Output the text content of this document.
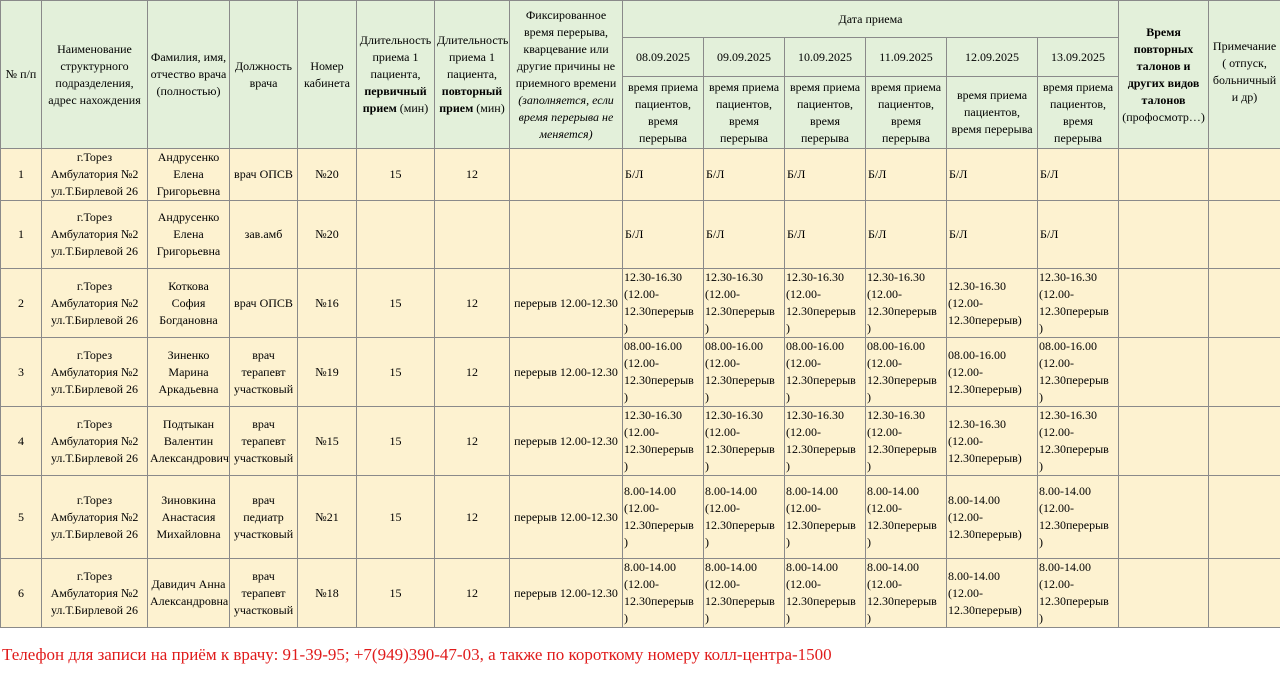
№ п/п	Наименование структурного подразделения, адрес нахождения	Фамилия, имя, отчество врача (полностью)	Должность врача	Номер кабинета	Длительность приема 1 пациента, первичный прием (мин)	Длительность приема 1 пациента, повторный прием (мин)	Фиксированное время перерыва, кварцевание или другие причины не приемного времени (заполняется, если время перерыва не меняется)	Дата приема						Время повторных талонов и других видов талонов (профосмотр…)	Примечание ( отпуск, больничный и др)
								08.09.2025	09.09.2025	10.09.2025	11.09.2025	12.09.2025	13.09.2025		
								время приема пациентов, время перерыва	время приема пациентов, время перерыва	время приема пациентов, время перерыва	время приема пациентов, время перерыва	время приема пациентов, время перерыва	время приема пациентов, время перерыва		
1	г.Торез Амбулатория №2 ул.Т.Бирлевой 26	Андрусенко Елена Григорьевна	врач ОПСВ	№20	15	12		Б/Л	Б/Л	Б/Л	Б/Л	Б/Л	Б/Л		
1	г.Торез Амбулатория №2 ул.Т.Бирлевой 26	Андрусенко Елена Григорьевна	зав.амб	№20				Б/Л	Б/Л	Б/Л	Б/Л	Б/Л	Б/Л		
2	г.Торез Амбулатория №2 ул.Т.Бирлевой 26	Коткова София Богдановна	врач ОПСВ	№16	15	12	перерыв 12.00-12.30	12.30-16.30
(12.00-
12.30перерыв
)	12.30-16.30
(12.00-
12.30перерыв
)	12.30-16.30
(12.00-
12.30перерыв
)	12.30-16.30
(12.00-
12.30перерыв
)	12.30-16.30
(12.00-
12.30перерыв)	12.30-16.30
(12.00-
12.30перерыв
)		
3	г.Торез Амбулатория №2 ул.Т.Бирлевой 26	Зиненко Марина Аркадьевна	врач терапевт участковый	№19	15	12	перерыв 12.00-12.30	08.00-16.00
(12.00-
12.30перерыв
)	08.00-16.00
(12.00-
12.30перерыв
)	08.00-16.00
(12.00-
12.30перерыв
)	08.00-16.00
(12.00-
12.30перерыв
)	08.00-16.00
(12.00-
12.30перерыв)	08.00-16.00
(12.00-
12.30перерыв
)		
4	г.Торез Амбулатория №2 ул.Т.Бирлевой 26	Подтыкан Валентин Александрович	врач терапевт участковый	№15	15	12	перерыв 12.00-12.30	12.30-16.30
(12.00-
12.30перерыв
)	12.30-16.30
(12.00-
12.30перерыв
)	12.30-16.30
(12.00-
12.30перерыв
)	12.30-16.30
(12.00-
12.30перерыв
)	12.30-16.30
(12.00-
12.30перерыв)	12.30-16.30
(12.00-
12.30перерыв
)		
5	г.Торез Амбулатория №2 ул.Т.Бирлевой 26	Зиновкина Анастасия Михайловна	врач педиатр участковый	№21	15	12	перерыв 12.00-12.30	8.00-14.00
(12.00-
12.30перерыв
)	8.00-14.00
(12.00-
12.30перерыв
)	8.00-14.00
(12.00-
12.30перерыв
)	8.00-14.00
(12.00-
12.30перерыв
)	8.00-14.00
(12.00-
12.30перерыв)	8.00-14.00
(12.00-
12.30перерыв
)		
6	г.Торез Амбулатория №2 ул.Т.Бирлевой 26	Давидич Анна Александровна	врач терапевт участковый	№18	15	12	перерыв 12.00-12.30	8.00-14.00
(12.00-
12.30перерыв
)	8.00-14.00
(12.00-
12.30перерыв
)	8.00-14.00
(12.00-
12.30перерыв
)	8.00-14.00
(12.00-
12.30перерыв
)	8.00-14.00
(12.00-
12.30перерыв)	8.00-14.00
(12.00-
12.30перерыв
)		
Телефон для записи на приём к врачу: 91-39-95; +7(949)390-47-03, а также по короткому номеру колл-центра-1500
